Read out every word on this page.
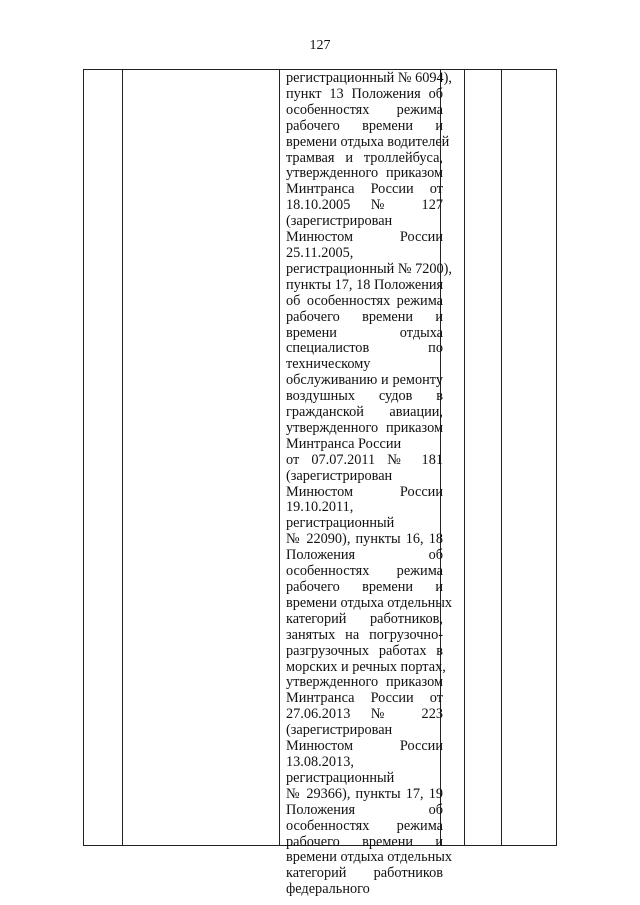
127
регистрационный № 6094),
пункт 13 Положения об
особенностях режима
рабочего времени и
времени отдыха водителей
трамвая и троллейбуса,
утвержденного приказом
Минтранса России от
18.10.2005 № 127
(зарегистрирован
Минюстом России
25.11.2005,
регистрационный № 7200),
пункты 17, 18 Положения
об особенностях режима
рабочего времени и
времени отдыха
специалистов по
техническому
обслуживанию и ремонту
воздушных судов в
гражданской авиации,
утвержденного приказом
Минтранса России
от 07.07.2011 № 181
(зарегистрирован
Минюстом России
19.10.2011,
регистрационный
№ 22090), пункты 16, 18
Положения об
особенностях режима
рабочего времени и
времени отдыха отдельных
категорий работников,
занятых на погрузочно-
разгрузочных работах в
морских и речных портах,
утвержденного приказом
Минтранса России от
27.06.2013 № 223
(зарегистрирован
Минюстом России
13.08.2013,
регистрационный
№ 29366), пункты 17, 19
Положения об
особенностях режима
рабочего времени и
времени отдыха отдельных
категорий работников
федерального
